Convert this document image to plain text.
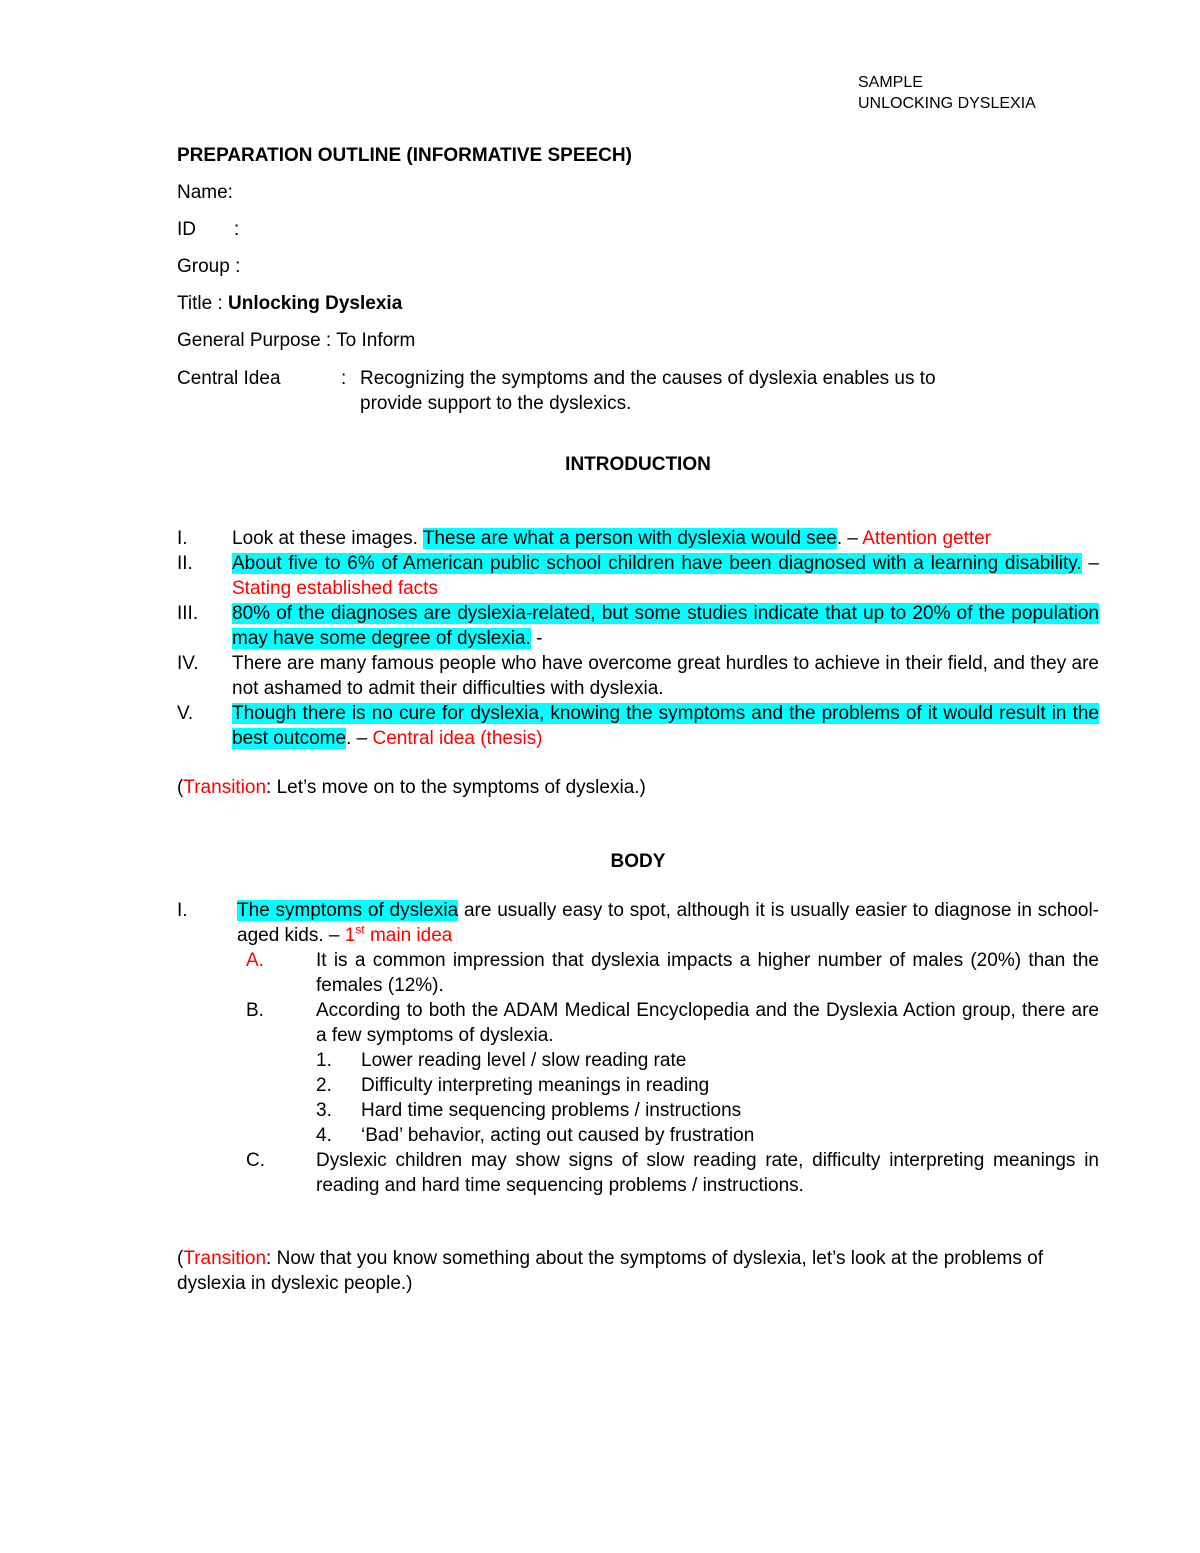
SAMPLE
UNLOCKING DYSLEXIA
PREPARATION OUTLINE (INFORMATIVE SPEECH)
Name:
ID :
Group :
Title : Unlocking Dyslexia
General Purpose : To Inform
Central Idea	: Recognizing the symptoms and the causes of dyslexia enables us to
provide support to the dyslexics.
INTRODUCTION
I. Look at these images. These are what a person with dyslexia would see. – Attention getter
II. About five to 6% of American public school children have been diagnosed with a learning disability. – Stating established facts
III. 80% of the diagnoses are dyslexia-related, but some studies indicate that up to 20% of the population may have some degree of dyslexia. -
IV. There are many famous people who have overcome great hurdles to achieve in their field, and they are not ashamed to admit their difficulties with dyslexia.
V. Though there is no cure for dyslexia, knowing the symptoms and the problems of it would result in the best outcome. – Central idea (thesis)
(Transition: Let’s move on to the symptoms of dyslexia.)
BODY
I.	The symptoms of dyslexia are usually easy to spot, although it is usually easier to diagnose in school-aged kids. – 1st main idea
A.	It is a common impression that dyslexia impacts a higher number of males (20%) than the females (12%).
B.	According to both the ADAM Medical Encyclopedia and the Dyslexia Action group, there are a few symptoms of dyslexia.
1. Lower reading level / slow reading rate
2. Difficulty interpreting meanings in reading
3. Hard time sequencing problems / instructions
4. ‘Bad’ behavior, acting out caused by frustration
C.	Dyslexic children may show signs of slow reading rate, difficulty interpreting meanings in reading and hard time sequencing problems / instructions.
(Transition: Now that you know something about the symptoms of dyslexia, let’s look at the problems of dyslexia in dyslexic people.)
